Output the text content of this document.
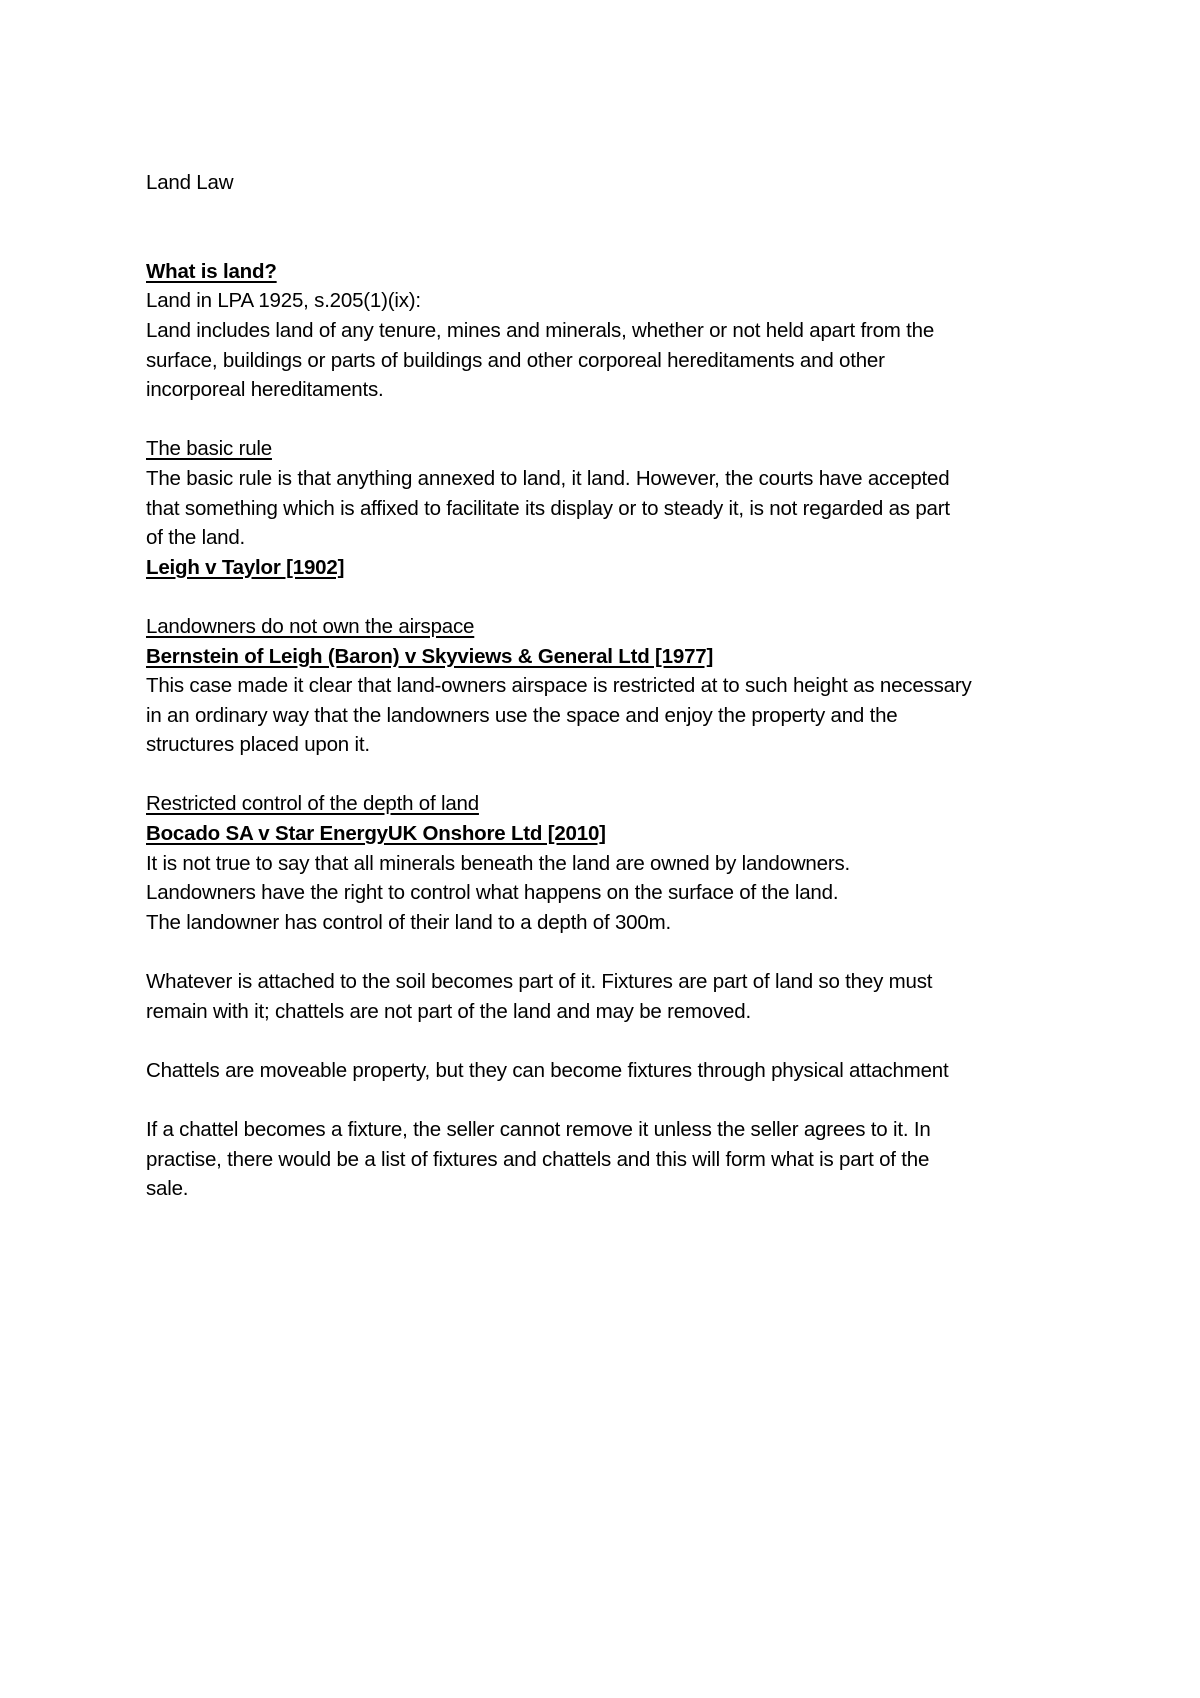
Land Law

What is land?

Land in LPA 1925, s.205(1)(ix):

Land includes land of any tenure, mines and minerals, whether or not held apart from the

surface, buildings or parts of buildings and other corporeal hereditaments and other

incorporeal hereditaments.

The basic rule

The basic rule is that anything annexed to land, it land. However, the courts have accepted

that something which is affixed to facilitate its display or to steady it, is not regarded as part

of the land.

Leigh v Taylor [1902]

Landowners do not own the airspace

Bernstein of Leigh (Baron) v Skyviews & General Ltd [1977]

This case made it clear that land-owners airspace is restricted at to such height as necessary

in an ordinary way that the landowners use the space and enjoy the property and the

structures placed upon it.

Restricted control of the depth of land

Bocado SA v Star EnergyUK Onshore Ltd [2010]

It is not true to say that all minerals beneath the land are owned by landowners.

Landowners have the right to control what happens on the surface of the land.

The landowner has control of their land to a depth of 300m.

Whatever is attached to the soil becomes part of it. Fixtures are part of land so they must

remain with it; chattels are not part of the land and may be removed.

Chattels are moveable property, but they can become fixtures through physical attachment

If a chattel becomes a fixture, the seller cannot remove it unless the seller agrees to it. In

practise, there would be a list of fixtures and chattels and this will form what is part of the

sale.
